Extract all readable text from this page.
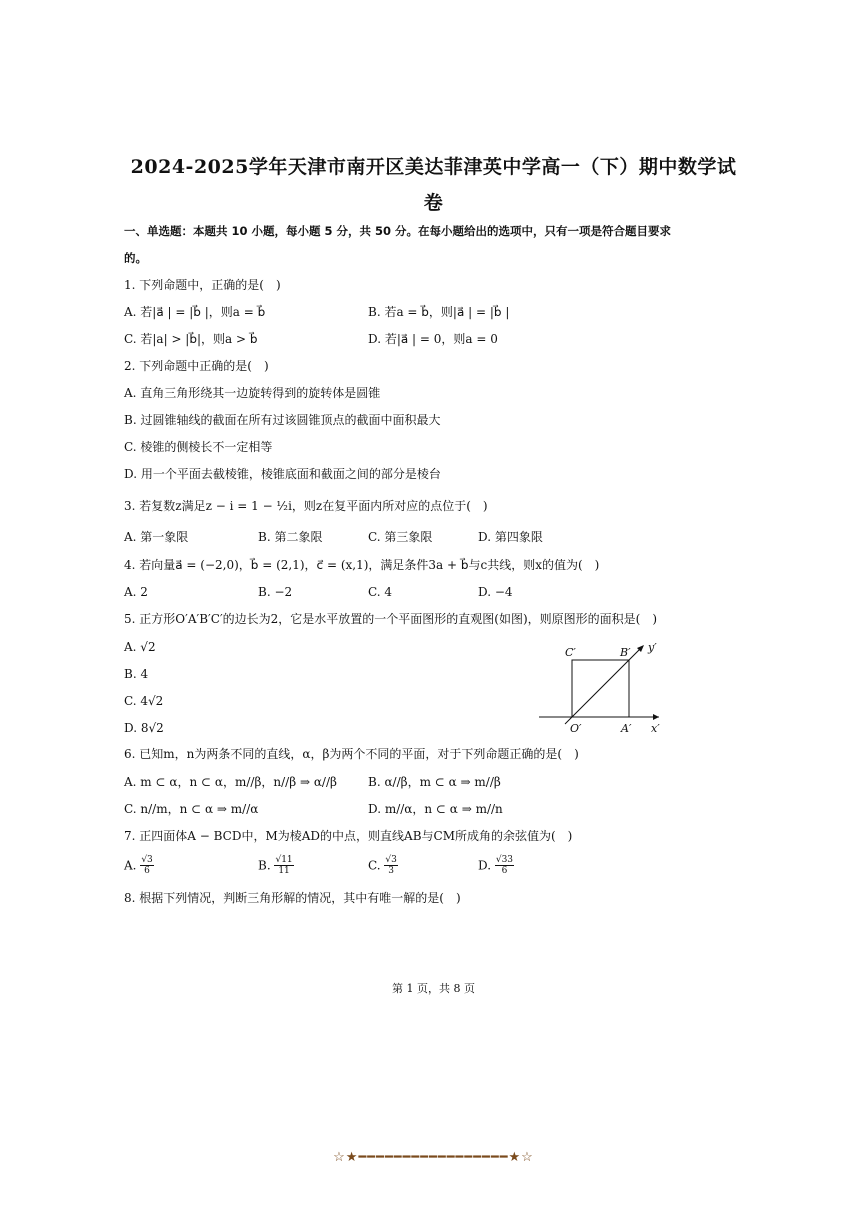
2024-2025学年天津市南开区美达菲津英中学高一（下）期中数学试
卷
一、单选题：本题共 10 小题，每小题 5 分，共 50 分。在每小题给出的选项中，只有一项是符合题目要求
的。
1. 下列命题中，正确的是(　)
A. 若|a⃗ | = |b⃗ |，则a = b⃗	B. 若a = b⃗，则|a⃗ | = |b⃗ |
C. 若|a| > |b⃗|，则a > b⃗	D. 若|a⃗ | = 0，则a = 0
2. 下列命题中正确的是(　)
A. 直角三角形绕其一边旋转得到的旋转体是圆锥
B. 过圆锥轴线的截面在所有过该圆锥顶点的截面中面积最大
C. 棱锥的侧棱长不一定相等
D. 用一个平面去截棱锥，棱锥底面和截面之间的部分是棱台
3. 若复数z满足z − i = 1 − ½i，则z在复平面内所对应的点位于(　)
A. 第一象限	B. 第二象限	C. 第三象限	D. 第四象限
4. 若向量a⃗ = (−2,0)，b⃗ = (2,1)，c⃗ = (x,1)，满足条件3a + b⃗与c共线，则x的值为(　)
A. 2	B. −2	C. 4	D. −4
5. 正方形O′A′B′C′的边长为2，它是水平放置的一个平面图形的直观图(如图)，则原图形的面积是(　)
A. √2
B. 4
C. 4√2
D. 8√2
C′	B′ y′
O′	A′ x′
6. 已知m，n为两条不同的直线，α，β为两个不同的平面，对于下列命题正确的是(　)
A. m ⊂ α，n ⊂ α，m//β，n//β ⇒ α//β	B. α//β，m ⊂ α ⇒ m//β
C. n//m，n ⊂ α ⇒ m//α	D. m//α，n ⊂ α ⇒ m//n
7. 正四面体A − BCD中，M为棱AD的中点，则直线AB与CM所成角的余弦值为(　)
A. $\frac{√3}{6}$	B. $\frac{√11}{11}$	C. $\frac{√3}{3}$	D. $\frac{√33}{6}$
8. 根据下列情况，判断三角形解的情况，其中有唯一解的是(　)
第 1 页，共 8 页
☆★━━━━━━━━━━━━━━━━━★☆
